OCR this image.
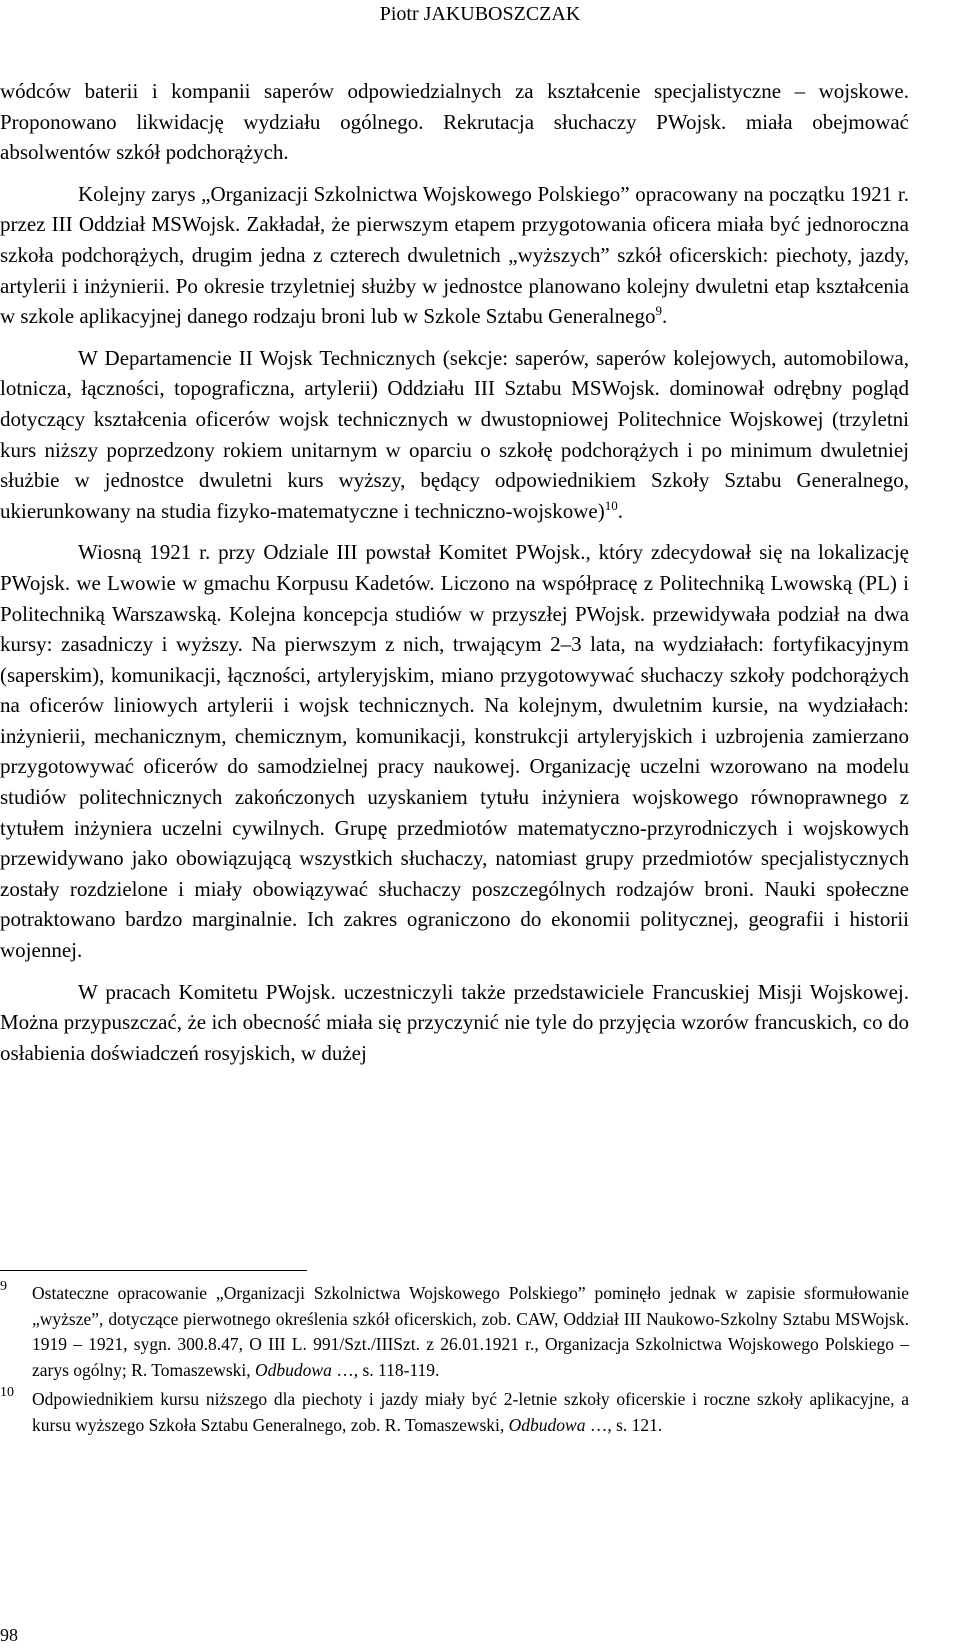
Piotr JAKUBOSZCZAK

wódców baterii i kompanii saperów odpowiedzialnych za kształcenie specjalistyczne – wojskowe. Proponowano likwidację wydziału ogólnego. Rekrutacja słuchaczy PWojsk. miała obejmować absolwentów szkół podchorążych.

Kolejny zarys „Organizacji Szkolnictwa Wojskowego Polskiego” opracowany na początku 1921 r. przez III Oddział MSWojsk. Zakładał, że pierwszym etapem przygotowania oficera miała być jednoroczna szkoła podchorążych, drugim jedna z czterech dwuletnich „wyższych” szkół oficerskich: piechoty, jazdy, artylerii i inżynierii. Po okresie trzyletniej służby w jednostce planowano kolejny dwuletni etap kształcenia w szkole aplikacyjnej danego rodzaju broni lub w Szkole Sztabu Generalnego$^9$.

W Departamencie II Wojsk Technicznych (sekcje: saperów, saperów kolejowych, automobilowa, lotnicza, łączności, topograficzna, artylerii) Oddziału III Sztabu MSWojsk. dominował odrębny pogląd dotyczący kształcenia oficerów wojsk technicznych w dwustopniowej Politechnice Wojskowej (trzyletni kurs niższy poprzedzony rokiem unitarnym w oparciu o szkołę podchorążych i po minimum dwuletniej służbie w jednostce dwuletni kurs wyższy, będący odpowiednikiem Szkoły Sztabu Generalnego, ukierunkowany na studia fizyko-matematyczne i techniczno-wojskowe)$^{10}$.

Wiosną 1921 r. przy Odziale III powstał Komitet PWojsk., który zdecydował się na lokalizację PWojsk. we Lwowie w gmachu Korpusu Kadetów. Liczono na współpracę z Politechniką Lwowską (PL) i Politechniką Warszawską. Kolejna koncepcja studiów w przyszłej PWojsk. przewidywała podział na dwa kursy: zasadniczy i wyższy. Na pierwszym z nich, trwającym 2–3 lata, na wydziałach: fortyfikacyjnym (saperskim), komunikacji, łączności, artyleryjskim, miano przygotowywać słuchaczy szkoły podchorążych na oficerów liniowych artylerii i wojsk technicznych. Na kolejnym, dwuletnim kursie, na wydziałach: inżynierii, mechanicznym, chemicznym, komunikacji, konstrukcji artyleryjskich i uzbrojenia zamierzano przygotowywać oficerów do samodzielnej pracy naukowej. Organizację uczelni wzorowano na modelu studiów politechnicznych zakończonych uzyskaniem tytułu inżyniera wojskowego równoprawnego z tytułem inżyniera uczelni cywilnych. Grupę przedmiotów matematyczno-przyrodniczych i wojskowych przewidywano jako obowiązującą wszystkich słuchaczy, natomiast grupy przedmiotów specjalistycznych zostały rozdzielone i miały obowiązywać słuchaczy poszczególnych rodzajów broni. Nauki społeczne potraktowano bardzo marginalnie. Ich zakres ograniczono do ekonomii politycznej, geografii i historii wojennej.

W pracach Komitetu PWojsk. uczestniczyli także przedstawiciele Francuskiej Misji Wojskowej. Można przypuszczać, że ich obecność miała się przyczynić nie tyle do przyjęcia wzorów francuskich, co do osłabienia doświadczeń rosyjskich, w dużej

9 Ostateczne opracowanie „Organizacji Szkolnictwa Wojskowego Polskiego” pominęło jednak w zapisie sformułowanie „wyższe”, dotyczące pierwotnego określenia szkół oficerskich, zob. CAW, Oddział III Naukowo-Szkolny Sztabu MSWojsk. 1919 – 1921, sygn. 300.8.47, O III L. 991/Szt./IIISzt. z 26.01.1921 r., Organizacja Szkolnictwa Wojskowego Polskiego – zarys ogólny; R. Tomaszewski, Odbudowa …, s. 118-119.
10 Odpowiednikiem kursu niższego dla piechoty i jazdy miały być 2-letnie szkoły oficerskie i roczne szkoły aplikacyjne, a kursu wyższego Szkoła Sztabu Generalnego, zob. R. Tomaszewski, Odbudowa …, s. 121.
98
